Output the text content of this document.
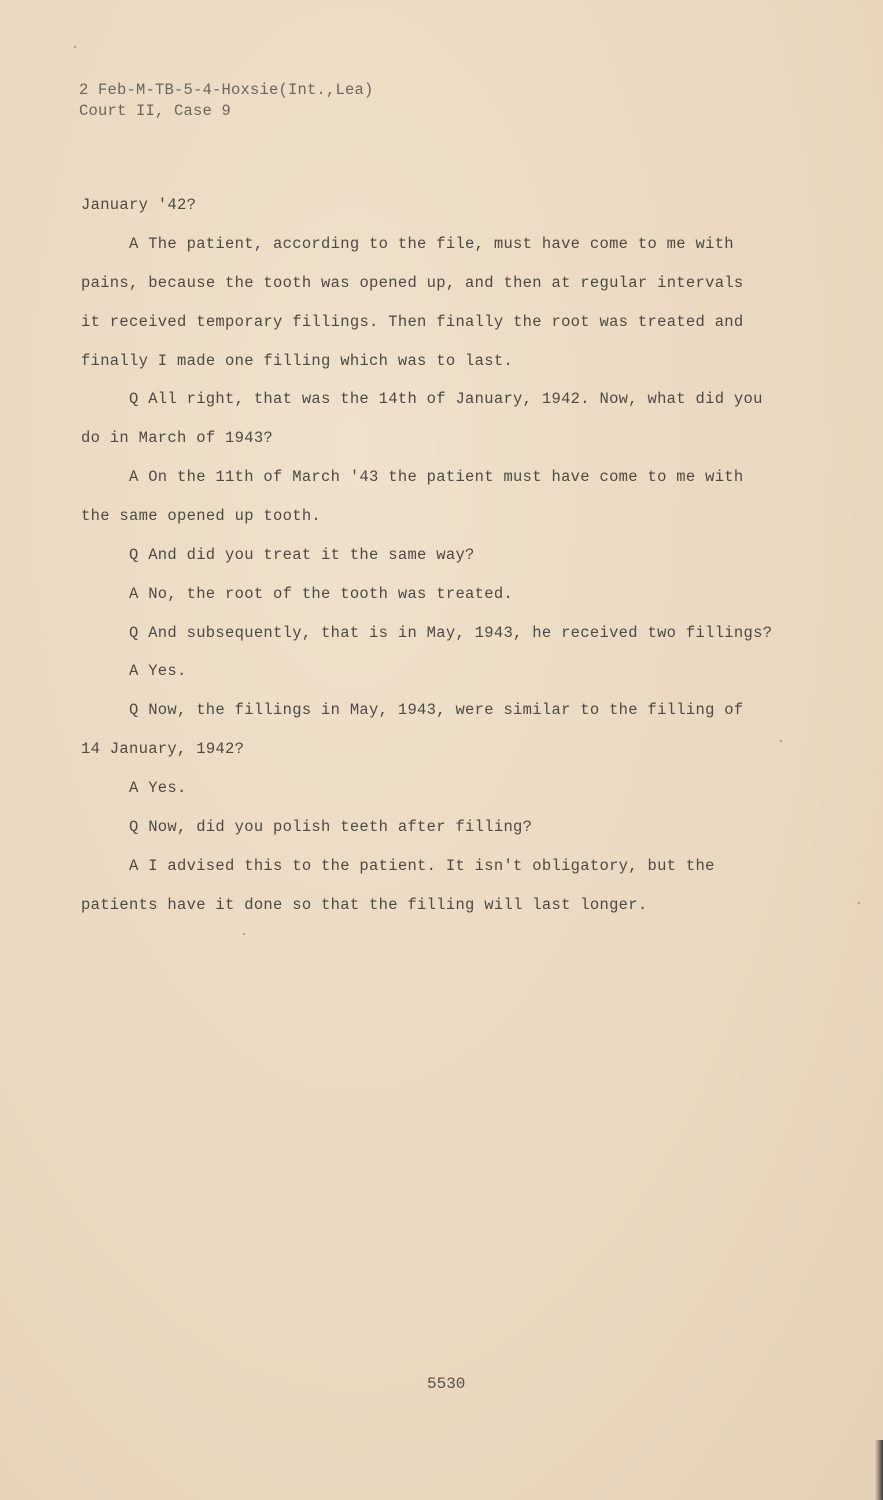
2 Feb-M-TB-5-4-Hoxsie(Int.,Lea)
Court II, Case 9
January '42?
A The patient, according to the file, must have come to me with
pains, because the tooth was opened up, and then at regular intervals
it received temporary fillings. Then finally the root was treated and
finally I made one filling which was to last.
Q All right, that was the 14th of January, 1942. Now, what did you
do in March of 1943?
A On the 11th of March '43 the patient must have come to me with
the same opened up tooth.
Q And did you treat it the same way?
A No, the root of the tooth was treated.
Q And subsequently, that is in May, 1943, he received two fillings?
A Yes.
Q Now, the fillings in May, 1943, were similar to the filling of
14 January, 1942?
A Yes.
Q Now, did you polish teeth after filling?
A I advised this to the patient. It isn't obligatory, but the
patients have it done so that the filling will last longer.
5530
